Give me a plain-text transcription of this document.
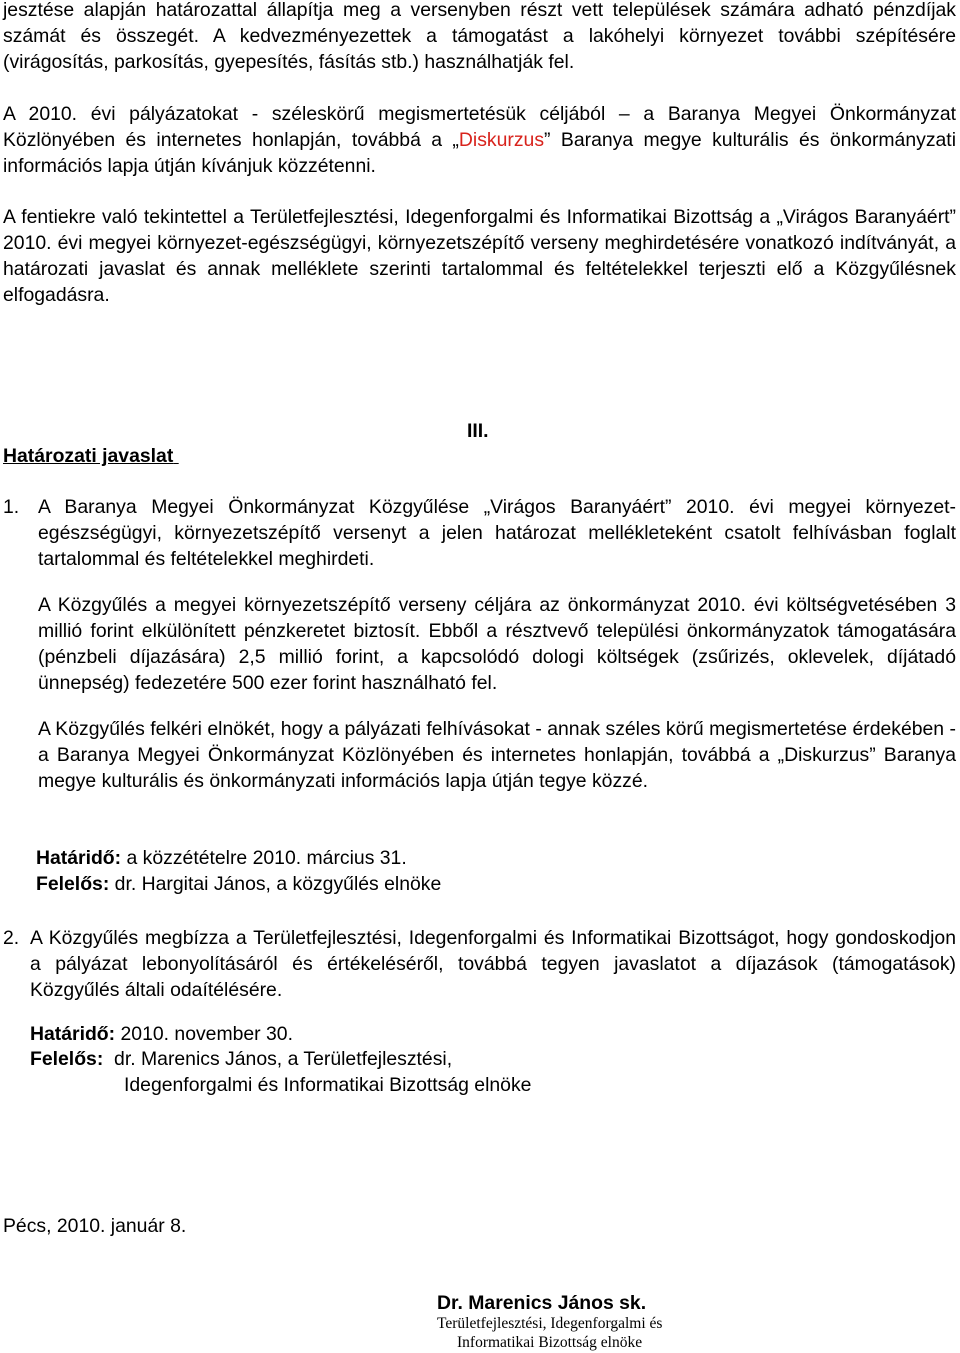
jesztése alapján határozattal állapítja meg a versenyben részt vett települések számára adható pénzdíjak számát és összegét. A kedvezményezettek a támogatást a lakóhelyi környezet további szépítésére (virágosítás, parkosítás, gyepesítés, fásítás stb.) használhatják fel.
A 2010. évi pályázatokat - széleskörű megismertetésük céljából – a Baranya Megyei Önkormányzat Közlönyében és internetes honlapján, továbbá a „Diskurzus” Baranya megye kulturális és önkormányzati információs lapja útján kívánjuk közzétenni.
A fentiekre való tekintettel a Területfejlesztési, Idegenforgalmi és Informatikai Bizottság a „Virágos Baranyáért” 2010. évi megyei környezet-egészségügyi, környezetszépítő verseny meghirdetésére vonatkozó indítványát, a határozati javaslat és annak melléklete szerinti tartalommal és feltételekkel terjeszti elő a Közgyűlésnek elfogadásra.
III.
Határozati javaslat
1. A Baranya Megyei Önkormányzat Közgyűlése „Virágos Baranyáért” 2010. évi megyei környezet-egészségügyi, környezetszépítő versenyt a jelen határozat mellékleteként csatolt felhívásban foglalt tartalommal és feltételekkel meghirdeti.
A Közgyűlés a megyei környezetszépítő verseny céljára az önkormányzat 2010. évi költségvetésében 3 millió forint elkülönített pénzkeretet biztosít. Ebből a résztvevő települési önkormányzatok támogatására (pénzbeli díjazására) 2,5 millió forint, a kapcsolódó dologi költségek (zsűrizés, oklevelek, díjátadó ünnepség) fedezetére 500 ezer forint használható fel.
A Közgyűlés felkéri elnökét, hogy a pályázati felhívásokat - annak széles körű megismertetése érdekében - a Baranya Megyei Önkormányzat Közlönyében és internetes honlapján, továbbá a „Diskurzus” Baranya megye kulturális és önkormányzati információs lapja útján tegye közzé.
Határidő: a közzétételre 2010. március 31.
Felelős: dr. Hargitai János, a közgyűlés elnöke
2. A Közgyűlés megbízza a Területfejlesztési, Idegenforgalmi és Informatikai Bizottságot, hogy gondoskodjon a pályázat lebonyolításáról és értékeléséről, továbbá tegyen javaslatot a díjazások (támogatások) Közgyűlés általi odaítélésére.
Határidő: 2010. november 30.
Felelős:  dr. Marenics János, a Területfejlesztési,
Idegenforgalmi és Informatikai Bizottság elnöke
Pécs, 2010. január 8.
Dr. Marenics János sk.
Területfejlesztési, Idegenforgalmi és
Informatikai Bizottság elnöke
